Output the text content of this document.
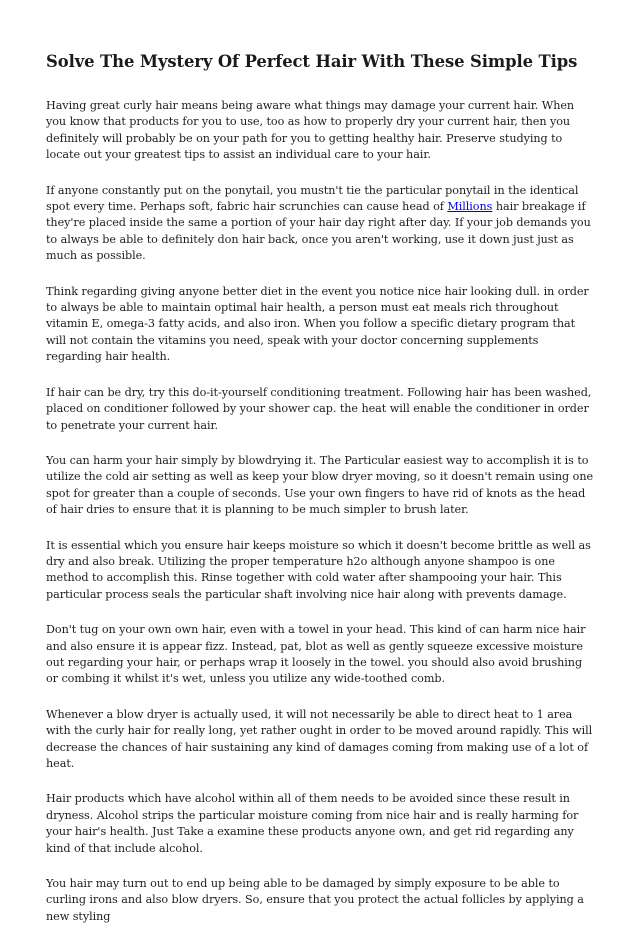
Solve The Mystery Of Perfect Hair With These Simple Tips

Having great curly hair means being aware what things may damage your current hair. When you know that products for you to use, too as how to properly dry your current hair, then you definitely will probably be on your path for you to getting healthy hair. Preserve studying to locate out your greatest tips to assist an individual care to your hair.

If anyone constantly put on the ponytail, you mustn't tie the particular ponytail in the identical spot every time. Perhaps soft, fabric hair scrunchies can cause head of Millions hair breakage if they're placed inside the same a portion of your hair day right after day. If your job demands you to always be able to definitely don hair back, once you aren't working, use it down just just as much as possible.

Think regarding giving anyone better diet in the event you notice nice hair looking dull. in order to always be able to maintain optimal hair health, a person must eat meals rich throughout vitamin E, omega-3 fatty acids, and also iron. When you follow a specific dietary program that will not contain the vitamins you need, speak with your doctor concerning supplements regarding hair health.

If hair can be dry, try this do-it-yourself conditioning treatment. Following hair has been washed, placed on conditioner followed by your shower cap. the heat will enable the conditioner in order to penetrate your current hair.

You can harm your hair simply by blowdrying it. The Particular easiest way to accomplish it is to utilize the cold air setting as well as keep your blow dryer moving, so it doesn't remain using one spot for greater than a couple of seconds. Use your own fingers to have rid of knots as the head of hair dries to ensure that it is planning to be much simpler to brush later.

It is essential which you ensure hair keeps moisture so which it doesn't become brittle as well as dry and also break. Utilizing the proper temperature h2o although anyone shampoo is one method to accomplish this. Rinse together with cold water after shampooing your hair. This particular process seals the particular shaft involving nice hair along with prevents damage.

Don't tug on your own own hair, even with a towel in your head. This kind of can harm nice hair and also ensure it is appear fizz. Instead, pat, blot as well as gently squeeze excessive moisture out regarding your hair, or perhaps wrap it loosely in the towel. you should also avoid brushing or combing it whilst it's wet, unless you utilize any wide-toothed comb.

Whenever a blow dryer is actually used, it will not necessarily be able to direct heat to 1 area with the curly hair for really long, yet rather ought in order to be moved around rapidly. This will decrease the chances of hair sustaining any kind of damages coming from making use of a lot of heat.

Hair products which have alcohol within all of them needs to be avoided since these result in dryness. Alcohol strips the particular moisture coming from nice hair and is really harming for your hair's health. Just Take a examine these products anyone own, and get rid regarding any kind of that include alcohol.

You hair may turn out to end up being able to be damaged by simply exposure to be able to curling irons and also blow dryers. So, ensure that you protect the actual follicles by applying a new styling
